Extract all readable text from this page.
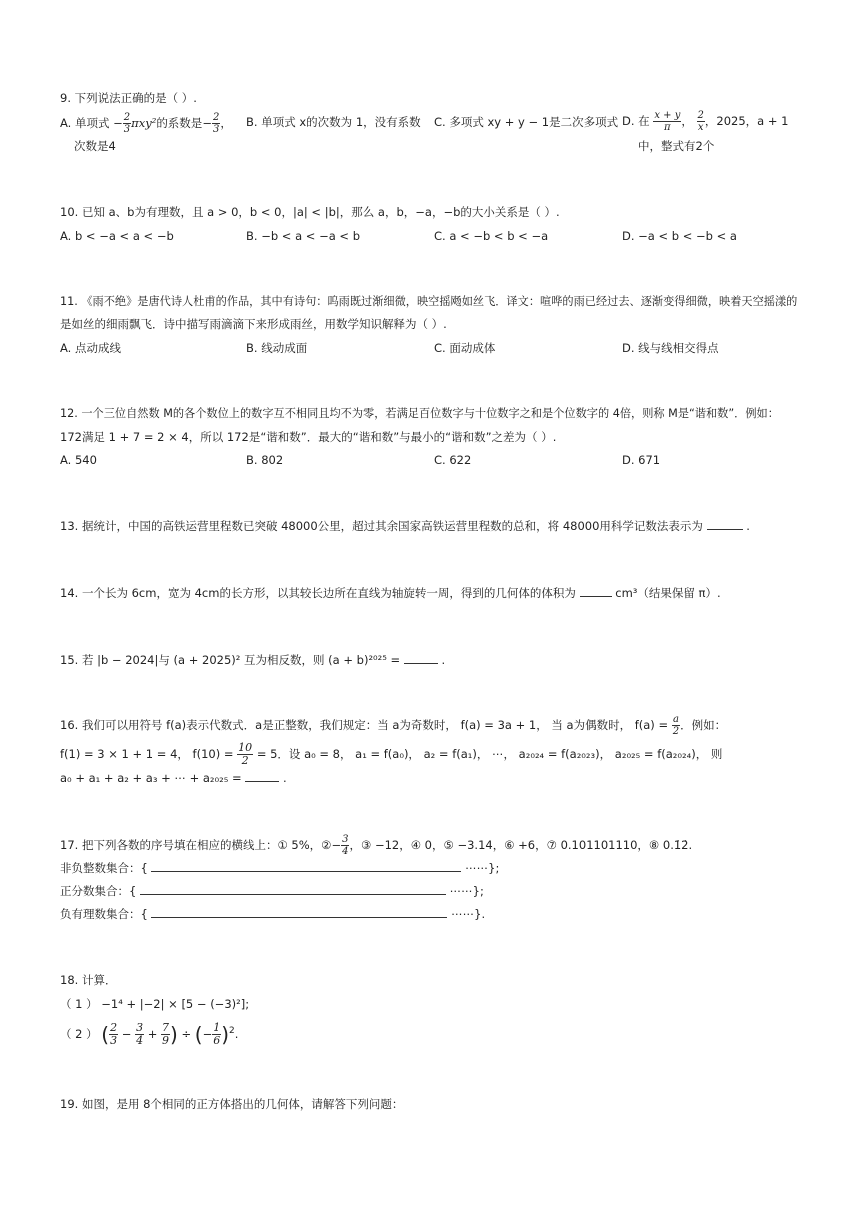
9. 下列说法正确的是（ ）.
A. 单项式 − $\frac{2}{3} \pi xy^2$的系数是− $\frac{2}{3}$ ，
次数是4
B. 单项式 x的次数为 1，没有系数 C. 多项式 xy + y − 1是二次多项式 D. 在 $\frac{x + y}{\pi}$ ， $\frac{2}{x}$ ，2025，a + 1
中，整式有2个
10. 已知 a、b为有理数，且 a > 0，b < 0，|a| < |b|，那么 a，b，−a，−b的大小关系是（ ）.
A. b < −a < a < −b	B. −b < a < −a < b	C. a < −b < b < −a	D. −a < b < −b < a
11. 《雨不绝》是唐代诗人杜甫的作品，其中有诗句：呜雨既过渐细微，映空摇飏如丝飞．译文：喧哗的雨已经过去、逐渐变得细微，映着天空摇漾的
是如丝的细雨飘飞．诗中描写雨滴滴下来形成雨丝，用数学知识解释为（ ）.
A. 点动成线	B. 线动成面	C. 面动成体	D. 线与线相交得点
12. 一个三位自然数 M的各个数位上的数字互不相同且均不为零，若满足百位数字与十位数字之和是个位数字的 4倍，则称 M是“谐和数”．例如：
172满足 1 + 7 = 2 × 4，所以 172是“谐和数”．最大的“谐和数”与最小的“谐和数”之差为（ ）.
A. 540	B. 802	C. 622	D. 671
13. 据统计，中国的高铁运营里程数已突破 48000公里，超过其余国家高铁运营里程数的总和，将 48000用科学记数法表示为	.
14. 一个长为 6cm，宽为 4cm的长方形，以其较长边所在直线为轴旋转一周，得到的几何体的体积为	cm³（结果保留 π）.
15. 若 |b − 2024|与 (a + 2025)² 互为相反数，则 (a + b)²⁰²⁵ =	.
16. 我们可以用符号 f(a)表示代数式．a是正整数，我们规定：当 a为奇数时， f(a) = 3a + 1， 当 a为偶数时， $f(a) = \frac{a}{2}$ ．例如：
f(1) = 3 × 1 + 1 = 4， $f(10) = \frac{10}{2} = 5$．设 a₀ = 8， a₁ = f(a₀)， a₂ = f(a₁)， ⋯， a₂₀₂₄ = f(a₂₀₂₃)， a₂₀₂₅ = f(a₂₀₂₄)， 则
a₀ + a₁ + a₂ + a₃ + ⋯ + a₂₀₂₅ =	.
17. 把下列各数的序号填在相应的横线上：① 5%，②− $\frac{3}{4}$ ，③ −12，④ 0，⑤ −3.14，⑥ +6，⑦ 0.101101110，⑧ 0.1̇2̇.
非负整数集合：{	⋯⋯};
正分数集合：{	⋯⋯};
负有理数集合：{	⋯⋯}.
18. 计算．
（ 1 ） −1⁴ + |−2| × [5 − (−3)²];
（ 2 ） ( $\frac{2}{3} - \frac{3}{4} + \frac{7}{9}$ ) ÷ (− $\frac{1}{6} )^2$.
19. 如图，是用 8个相同的正方体搭出的几何体，请解答下列问题：
